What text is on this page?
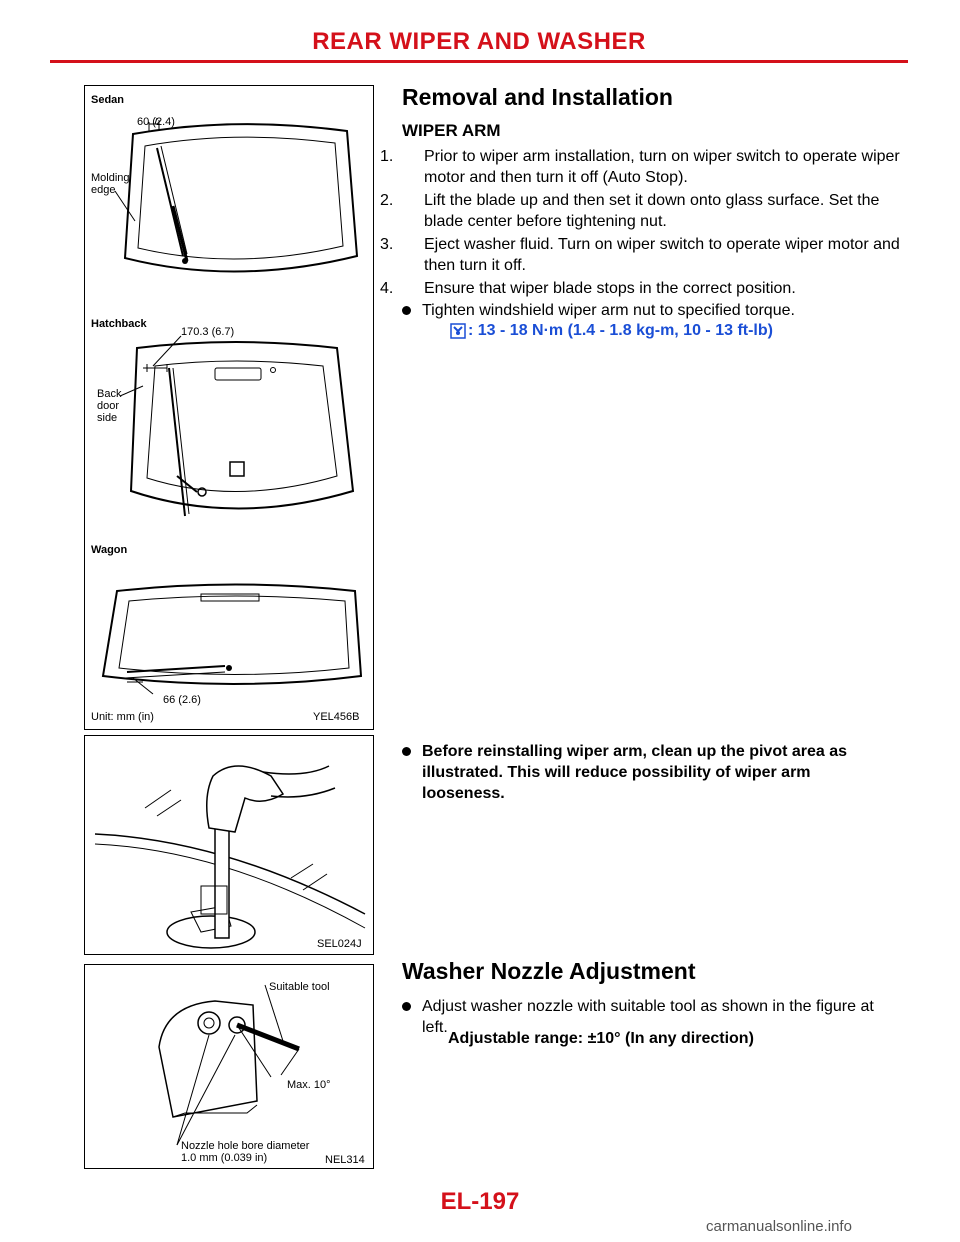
REAR WIPER AND WASHER
Sedan
60 (2.4)
Molding
edge
Hatchback
170.3 (6.7)
Back
door
side
Wagon
66 (2.6)
Unit: mm (in)	YEL456B
SEL024J
Suitable tool
Max. 10°
Nozzle hole bore diameter
1.0 mm (0.039 in)	NEL314
Removal and Installation
WIPER ARM
1. Prior to wiper arm installation, turn on wiper switch to operate wiper motor and then turn it off (Auto Stop).
2. Lift the blade up and then set it down onto glass surface. Set the blade center before tightening nut.
3. Eject washer fluid. Turn on wiper switch to operate wiper motor and then turn it off.
4. Ensure that wiper blade stops in the correct position.
Tighten windshield wiper arm nut to specified torque.
: 13 - 18 N·m (1.4 - 1.8 kg-m, 10 - 13 ft-lb)
Before reinstalling wiper arm, clean up the pivot area as illustrated. This will reduce possibility of wiper arm looseness.
Washer Nozzle Adjustment
Adjust washer nozzle with suitable tool as shown in the figure at left.
Adjustable range: ±10° (In any direction)
EL-197
carmanualsonline.info
